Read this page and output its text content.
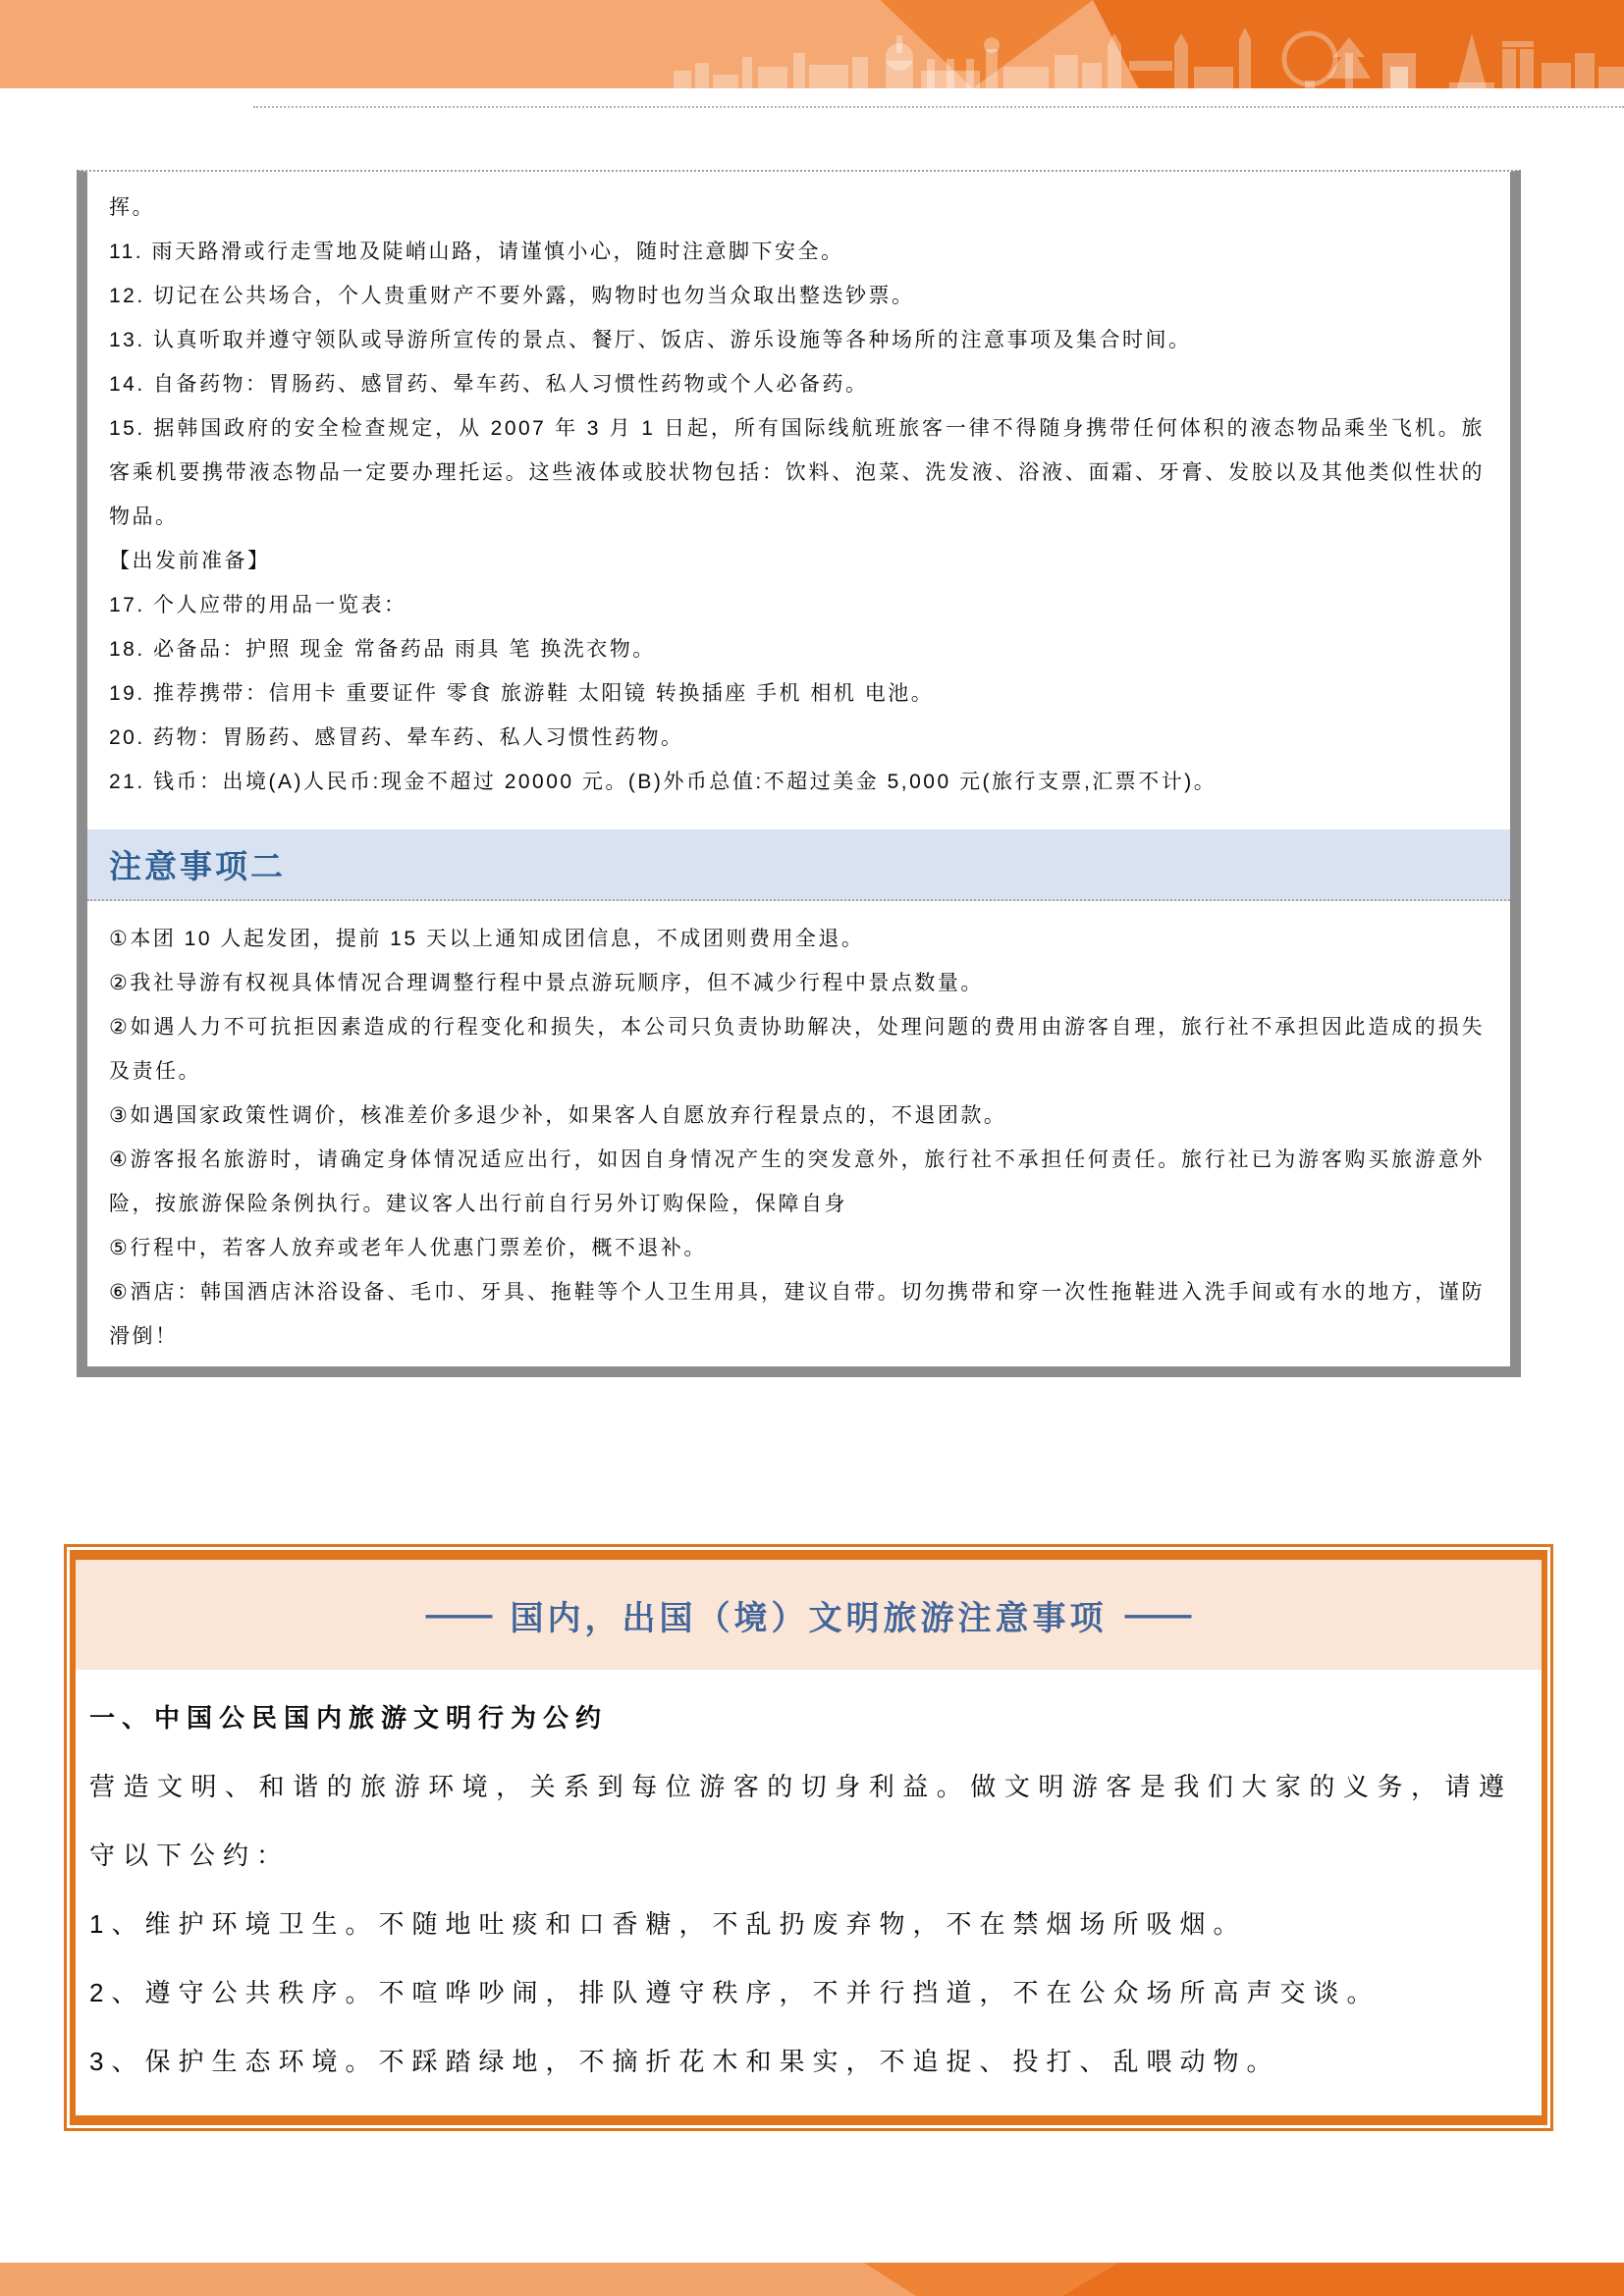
挥。

11. 雨天路滑或行走雪地及陡峭山路，请谨慎小心，随时注意脚下安全。

12. 切记在公共场合，个人贵重财产不要外露，购物时也勿当众取出整迭钞票。

13. 认真听取并遵守领队或导游所宣传的景点、餐厅、饭店、游乐设施等各种场所的注意事项及集合时间。

14. 自备药物：胃肠药、感冒药、晕车药、私人习惯性药物或个人必备药。

15. 据韩国政府的安全检查规定，从 2007 年 3 月 1 日起，所有国际线航班旅客一律不得随身携带任何体积的液态物品乘坐飞机。旅客乘机要携带液态物品一定要办理托运。这些液体或胶状物包括：饮料、泡菜、洗发液、浴液、面霜、牙膏、发胶以及其他类似性状的物品。

【出发前准备】

17. 个人应带的用品一览表：

18. 必备品：护照 现金 常备药品 雨具 笔 换洗衣物。

19. 推荐携带：信用卡 重要证件 零食 旅游鞋 太阳镜 转换插座 手机 相机 电池。

20. 药物：胃肠药、感冒药、晕车药、私人习惯性药物。

21. 钱币：出境(A)人民币:现金不超过 20000 元。(B)外币总值:不超过美金 5,000 元(旅行支票,汇票不计)。

注意事项二

①本团 10 人起发团，提前 15 天以上通知成团信息，不成团则费用全退。

②我社导游有权视具体情况合理调整行程中景点游玩顺序，但不减少行程中景点数量。

②如遇人力不可抗拒因素造成的行程变化和损失，本公司只负责协助解决，处理问题的费用由游客自理，旅行社不承担因此造成的损失及责任。

③如遇国家政策性调价，核准差价多退少补，如果客人自愿放弃行程景点的，不退团款。

④游客报名旅游时，请确定身体情况适应出行，如因自身情况产生的突发意外，旅行社不承担任何责任。旅行社已为游客购买旅游意外险，按旅游保险条例执行。建议客人出行前自行另外订购保险，保障自身

⑤行程中，若客人放弃或老年人优惠门票差价，概不退补。

⑥酒店：韩国酒店沐浴设备、毛巾、牙具、拖鞋等个人卫生用具，建议自带。切勿携带和穿一次性拖鞋进入洗手间或有水的地方，谨防滑倒！

—— 国内，出国（境）文明旅游注意事项 ——

一、中国公民国内旅游文明行为公约

营造文明、和谐的旅游环境，关系到每位游客的切身利益。做文明游客是我们大家的义务，请遵守以下公约：

1、维护环境卫生。不随地吐痰和口香糖，不乱扔废弃物，不在禁烟场所吸烟。

2、遵守公共秩序。不喧哗吵闹，排队遵守秩序，不并行挡道，不在公众场所高声交谈。

3、保护生态环境。不踩踏绿地，不摘折花木和果实，不追捉、投打、乱喂动物。
